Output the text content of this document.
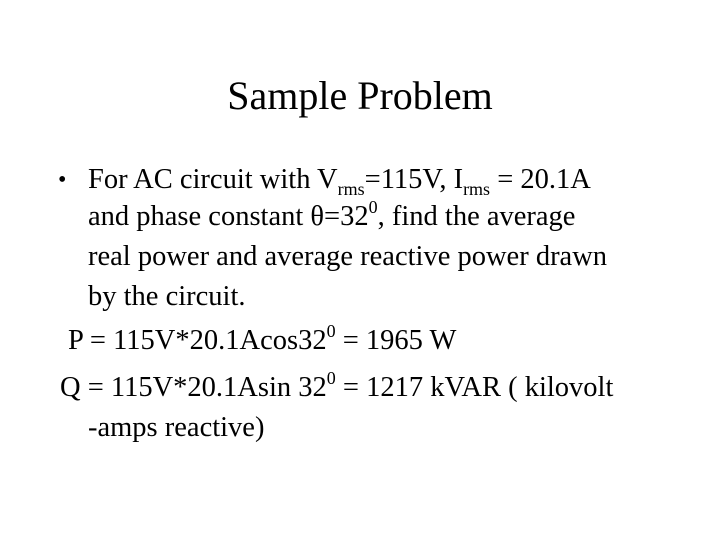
Sample Problem
• For AC circuit with $V_{rms}=115V$, $I_{rms} = 20.1A$
and phase constant $\theta=32^0$, find the average
real power and average reactive power drawn
by the circuit.
$P = 115V*20.1Acos32^0 = 1965$ W
Q = 115V*20.1Asin $32^0 = 1217$ kVAR ( kilovolt
-amps reactive)
